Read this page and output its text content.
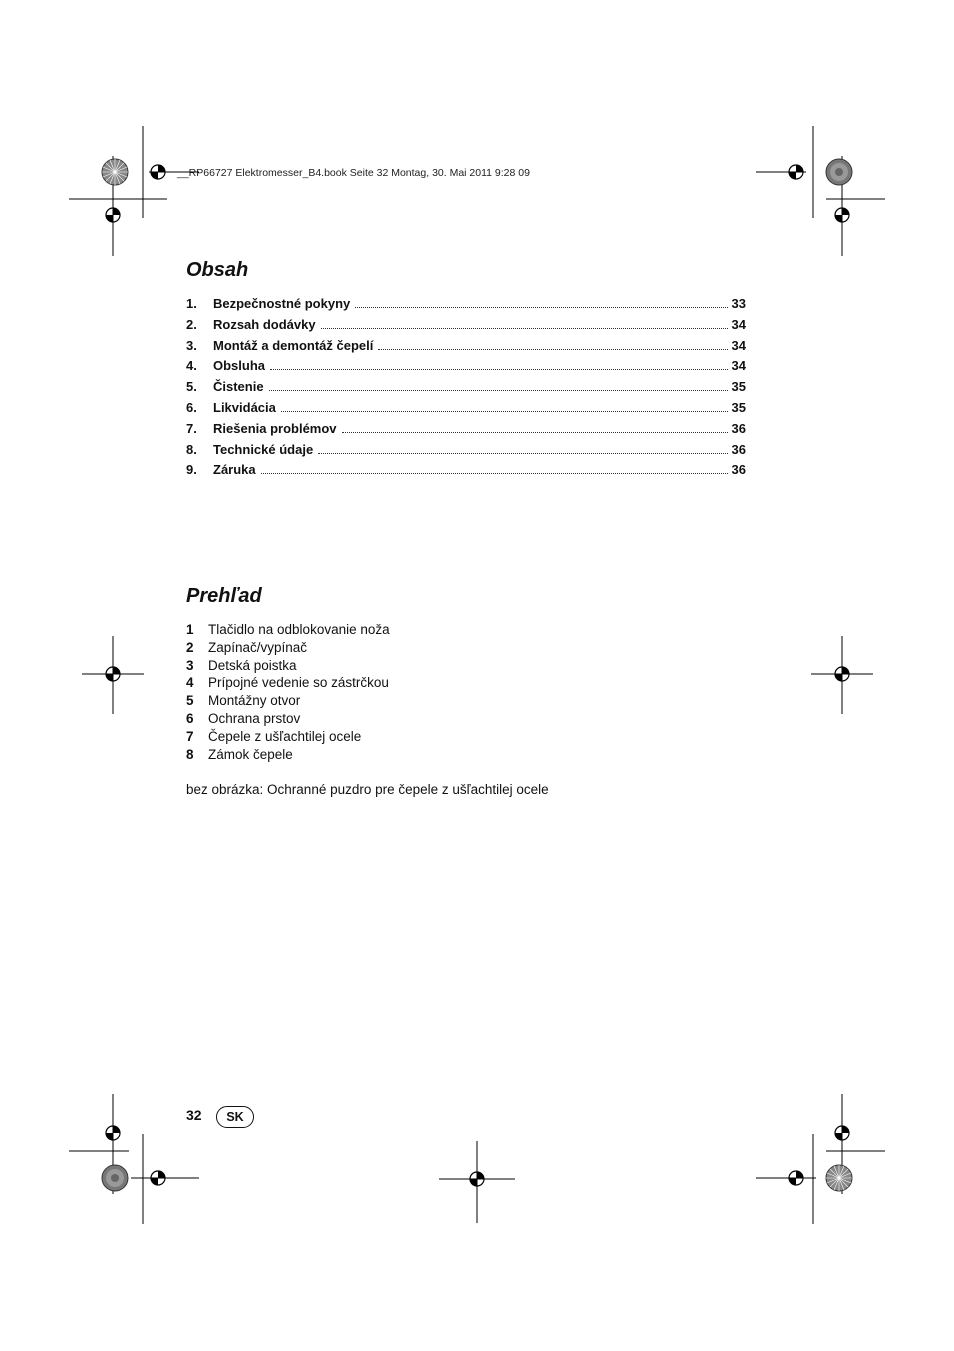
__RP66727 Elektromesser_B4.book Seite 32 Montag, 30. Mai 2011 9:28 09
Obsah
1.	Bezpečnostné pokyny	33
2.	Rozsah dodávky	34
3.	Montáž a demontáž čepelí	34
4.	Obsluha	34
5.	Čistenie	35
6.	Likvidácia	35
7.	Riešenia problémov	36
8.	Technické údaje	36
9.	Záruka	36
Prehľad
1	Tlačidlo na odblokovanie noža
2	Zapínač/vypínač
3	Detská poistka
4	Prípojné vedenie so zástrčkou
5	Montážny otvor
6	Ochrana prstov
7	Čepele z ušľachtilej ocele
8	Zámok čepele
bez obrázka: Ochranné puzdro pre čepele z ušľachtilej ocele
32	SK
